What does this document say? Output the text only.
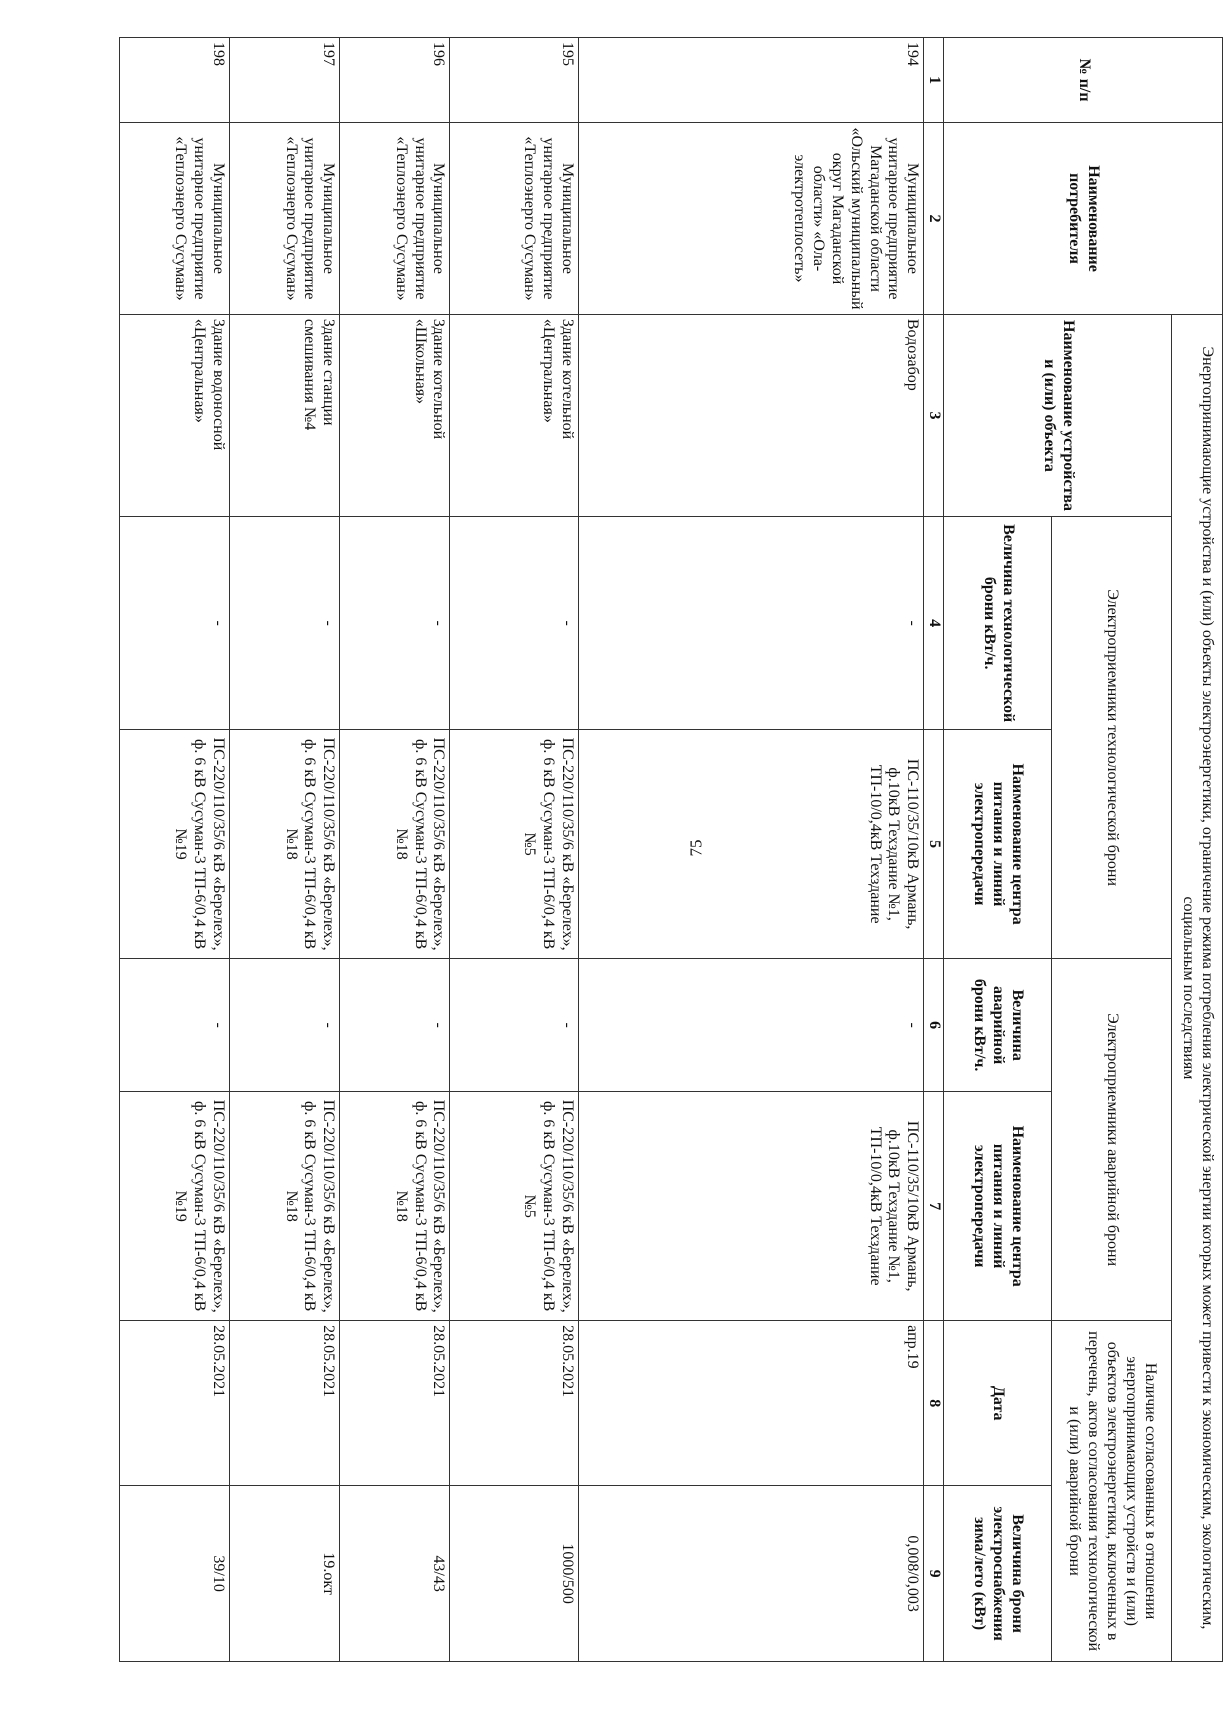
75
№ п/п	Наименование потребителя	Энергопринимающие устройства и (или) объекты электроэнергетики, ограничение режима потребления электрической энергии которых может привести к экономическим, экологическим, социальным последствиям						
		Наименование устройства и (или) объекта	Электроприемники технологической брони		Электроприемники аварийной брони		Наличие согласованных в отношении энергопринимающих устройств и (или) объектов электроэнергетики, включенных в перечень, актов согласования технологической и (или) аварийной брони	
			Величина технологической брони кВт/ч.	Наименование центра питания и линий электропередачи	Величина аварийной брони кВт/ч.	Наименование центра питания и линий электропередачи	Дата	Величина брони электроснабжения зима/лето (кВт)
1	2	3	4	5	6	7	8	9
194	Муниципальное унитарное предприятие Магаданской области «Ольский муниципальный округ Магаданской области» «Ола-электротеплосеть»	Водозабор	-	ПС-110/35/10кВ Армань, ф.10кВ Техздание №1, ТП-10/0,4кВ Техздание	-	ПС-110/35/10кВ Армань, ф.10кВ Техздание №1, ТП-10/0,4кВ Техздание	апр.19	0,008/0,003
195	Муниципальное унитарное предприятие «Теплоэнерго Сусуман»	Здание котельной «Центральная»	-	ПС-220/110/35/6 кВ «Берелех», ф. 6 кВ Сусуман-3 ТП-6/0,4 кВ №5	-	ПС-220/110/35/6 кВ «Берелех», ф. 6 кВ Сусуман-3 ТП-6/0,4 кВ №5	28.05.2021	1000/500
196	Муниципальное унитарное предприятие «Теплоэнерго Сусуман»	Здание котельной «Школьная»	-	ПС-220/110/35/6 кВ «Берелех», ф. 6 кВ Сусуман-3 ТП-6/0,4 кВ №18	-	ПС-220/110/35/6 кВ «Берелех», ф. 6 кВ Сусуман-3 ТП-6/0,4 кВ №18	28.05.2021	43/43
197	Муниципальное унитарное предприятие «Теплоэнерго Сусуман»	Здание станции смешивания №4	-	ПС-220/110/35/6 кВ «Берелех», ф. 6 кВ Сусуман-3 ТП-6/0,4 кВ №18	-	ПС-220/110/35/6 кВ «Берелех», ф. 6 кВ Сусуман-3 ТП-6/0,4 кВ №18	28.05.2021	19.окт
198	Муниципальное унитарное предприятие «Теплоэнерго Сусуман»	Здание водоносной «Центральная»	-	ПС-220/110/35/6 кВ «Берелех», ф. 6 кВ Сусуман-3 ТП-6/0,4 кВ №19	-	ПС-220/110/35/6 кВ «Берелех», ф. 6 кВ Сусуман-3 ТП-6/0,4 кВ №19	28.05.2021	39/10
